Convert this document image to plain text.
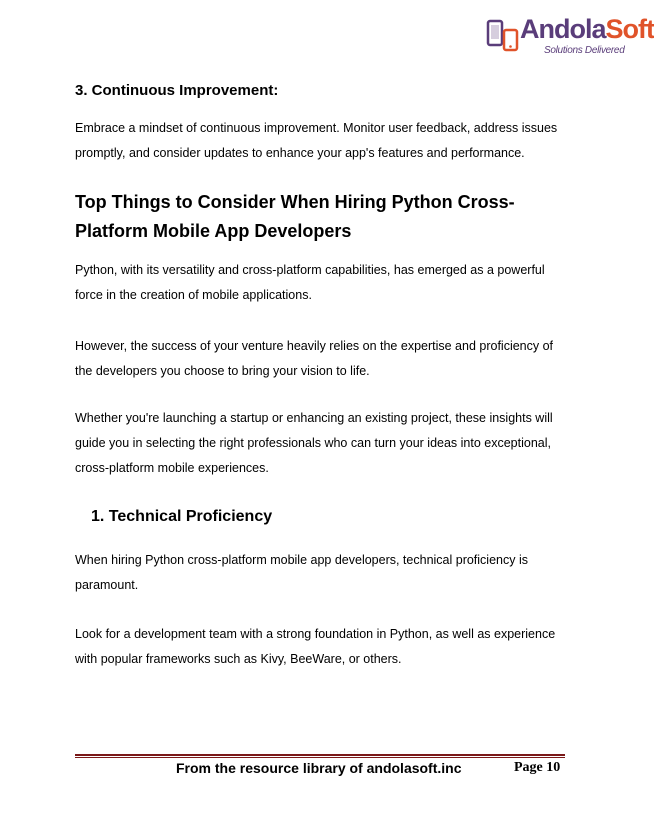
AndolaSoft
Solutions Delivered
3. Continuous Improvement:

Embrace a mindset of continuous improvement. Monitor user feedback, address issues promptly, and consider updates to enhance your app's features and performance.

Top Things to Consider When Hiring Python Cross-Platform Mobile App Developers

Python, with its versatility and cross-platform capabilities, has emerged as a powerful force in the creation of mobile applications.

However, the success of your venture heavily relies on the expertise and proficiency of the developers you choose to bring your vision to life.

Whether you're launching a startup or enhancing an existing project, these insights will guide you in selecting the right professionals who can turn your ideas into exceptional, cross-platform mobile experiences.

1. Technical Proficiency

When hiring Python cross-platform mobile app developers, technical proficiency is paramount.

Look for a development team with a strong foundation in Python, as well as experience with popular frameworks such as Kivy, BeeWare, or others.

From the resource library of andolasoft.inc	Page 10
